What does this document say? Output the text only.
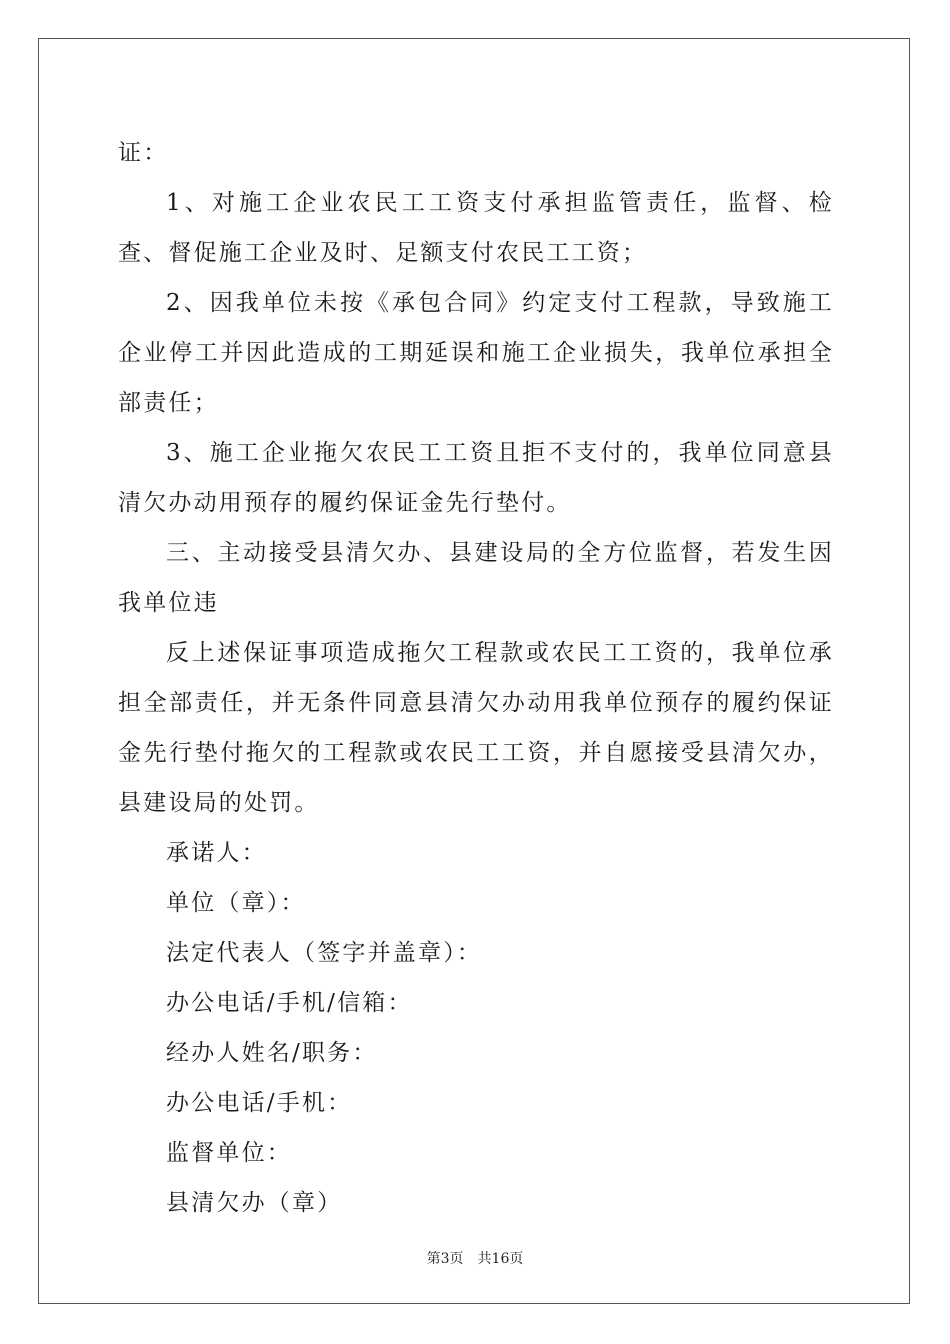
证：

1、对施工企业农民工工资支付承担监管责任，监督、检查、督促施工企业及时、足额支付农民工工资；

2、因我单位未按《承包合同》约定支付工程款，导致施工企业停工并因此造成的工期延误和施工企业损失，我单位承担全部责任；

3、施工企业拖欠农民工工资且拒不支付的，我单位同意县清欠办动用预存的履约保证金先行垫付。

三、主动接受县清欠办、县建设局的全方位监督，若发生因我单位违

反上述保证事项造成拖欠工程款或农民工工资的，我单位承担全部责任，并无条件同意县清欠办动用我单位预存的履约保证金先行垫付拖欠的工程款或农民工工资，并自愿接受县清欠办，县建设局的处罚。

承诺人：

单位（章）：

法定代表人（签字并盖章）：

办公电话/手机/信箱：

经办人姓名/职务：

办公电话/手机：

监督单位：

县清欠办（章）

第3页 共16页
